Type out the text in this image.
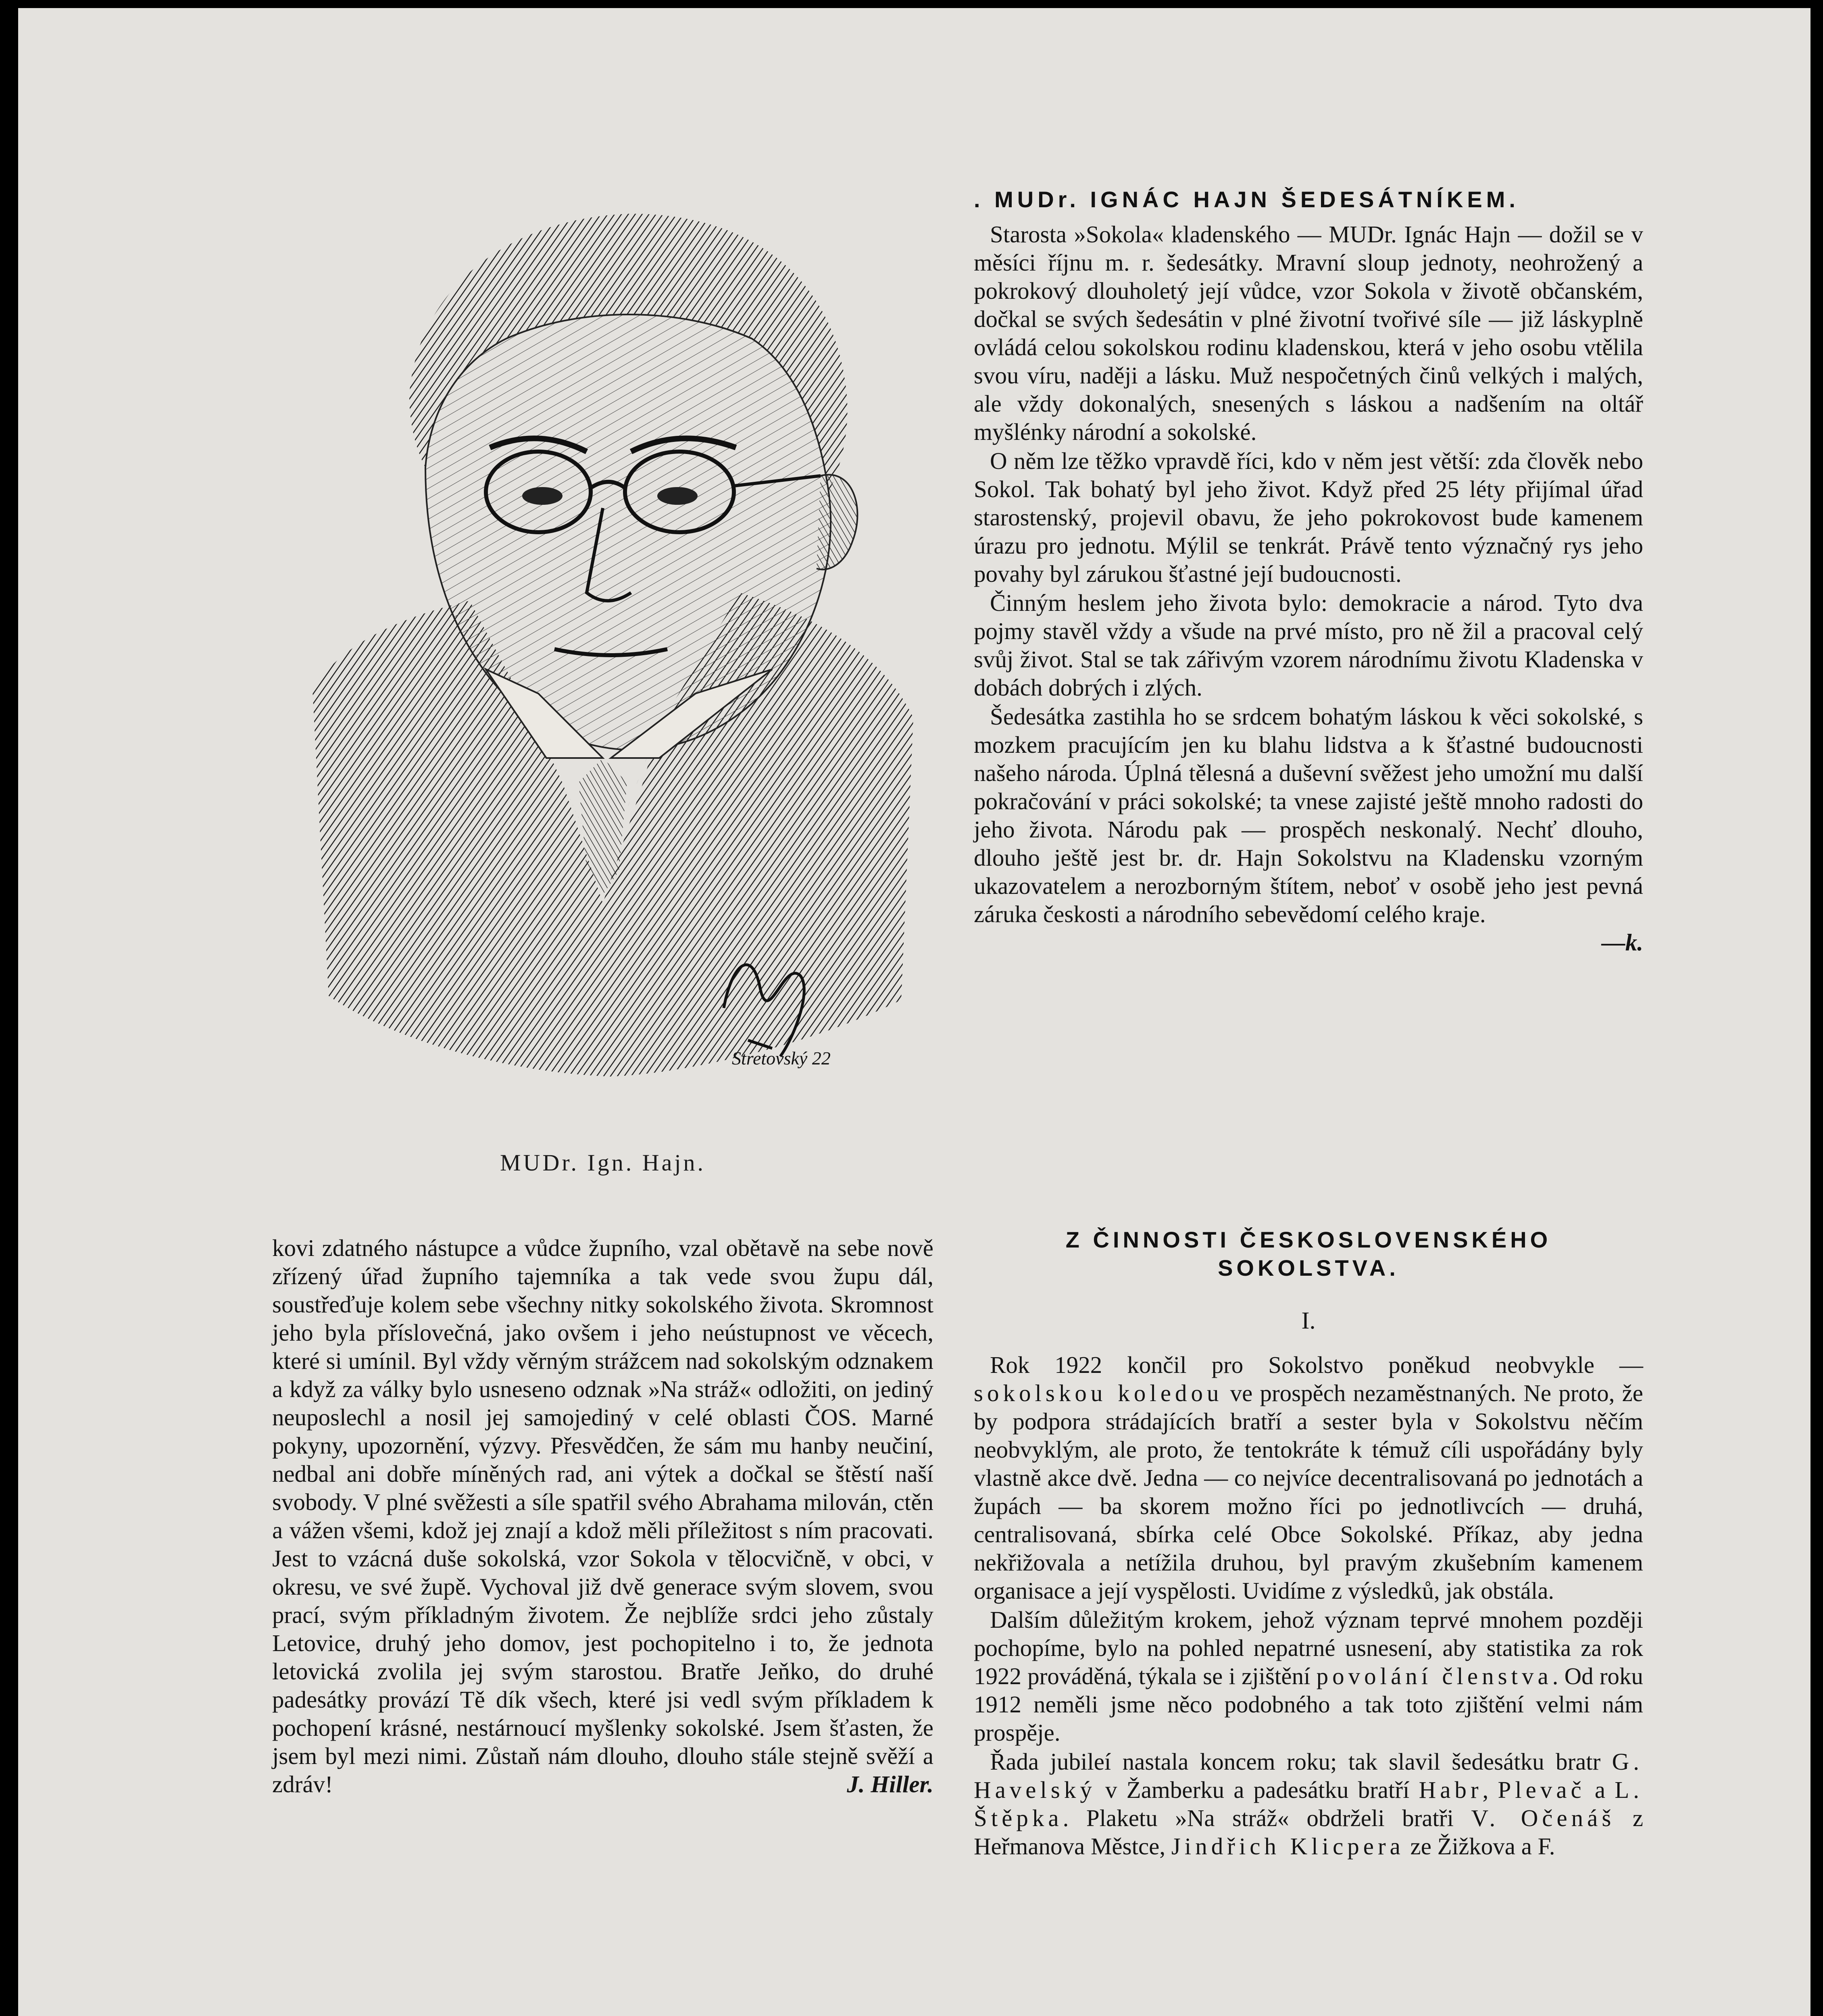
Stretovský 22
MUDr. Ign. Hajn.
. MUDr. IGNÁC HAJN ŠEDESÁTNÍKEM.

Starosta »Sokola« kladenského — MUDr. Ignác Hajn — dožil se v měsíci říjnu m. r. šedesátky. Mravní sloup jednoty, neohrožený a pokrokový dlouholetý její vůdce, vzor Sokola v životě občanském, dočkal se svých šedesátin v plné životní tvořivé síle — již láskyplně ovládá celou sokolskou rodinu kladenskou, která v jeho osobu vtělila svou víru, naději a lásku. Muž nespočetných činů velkých i malých, ale vždy dokonalých, snesených s láskou a nadšením na oltář myšlénky národní a sokolské.

O něm lze těžko vpravdě říci, kdo v něm jest větší: zda člověk nebo Sokol. Tak bohatý byl jeho život. Když před 25 léty přijímal úřad starostenský, projevil obavu, že jeho pokrokovost bude kamenem úrazu pro jednotu. Mýlil se tenkrát. Právě tento význačný rys jeho povahy byl zárukou šťastné její budoucnosti.

Činným heslem jeho života bylo: demokracie a národ. Tyto dva pojmy stavěl vždy a všude na prvé místo, pro ně žil a pracoval celý svůj život. Stal se tak zářivým vzorem národnímu životu Kladenska v dobách dobrých i zlých.

Šedesátka zastihla ho se srdcem bohatým láskou k věci sokolské, s mozkem pracujícím jen ku blahu lidstva a k šťastné budoucnosti našeho národa. Úplná tělesná a duševní svěžest jeho umožní mu další pokračování v práci sokolské; ta vnese zajisté ještě mnoho radosti do jeho života. Národu pak — prospěch neskonalý. Nechť dlouho, dlouho ještě jest br. dr. Hajn Sokolstvu na Kladensku vzorným ukazovatelem a nerozborným štítem, neboť v osobě jeho jest pevná záruka českosti a národního sebevědomí celého kraje.

—k.

kovi zdatného nástupce a vůdce župního, vzal obětavě na sebe nově zřízený úřad župního tajemníka a tak vede svou župu dál, soustřeďuje kolem sebe všechny nitky sokolského života. Skromnost jeho byla příslovečná, jako ovšem i jeho neústupnost ve věcech, které si umínil. Byl vždy věrným strážcem nad sokolským odznakem a když za války bylo usneseno odznak »Na stráž« odložiti, on jediný neuposlechl a nosil jej samojediný v celé oblasti ČOS. Marné pokyny, upozornění, výzvy. Přesvědčen, že sám mu hanby neučiní, nedbal ani dobře míněných rad, ani výtek a dočkal se štěstí naší svobody. V plné svěžesti a síle spatřil svého Abrahama milován, ctěn a vážen všemi, kdož jej znají a kdož měli příležitost s ním pracovati. Jest to vzácná duše sokolská, vzor Sokola v tělocvičně, v obci, v okresu, ve své župě. Vychoval již dvě generace svým slovem, svou prací, svým příkladným životem. Že nejblíže srdci jeho zůstaly Letovice, druhý jeho domov, jest pochopitelno i to, že jednota letovická zvolila jej svým starostou. Bratře Jeňko, do druhé padesátky provází Tě dík všech, které jsi vedl svým příkladem k pochopení krásné, nestárnoucí myšlenky sokolské. Jsem šťasten, že jsem byl mezi nimi. Zůstaň nám dlouho, dlouho stále stejně svěží a zdráv!	J. Hiller.
Z ČINNOSTI ČESKOSLOVENSKÉHO
SOKOLSTVA.
I.

Rok 1922 končil pro Sokolstvo poněkud neobvykle — sokolskou koledou ve prospěch nezaměstnaných. Ne proto, že by podpora strádajících bratří a sester byla v Sokolstvu něčím neobvyklým, ale proto, že tentokráte k témuž cíli uspořádány byly vlastně akce dvě. Jedna — co nejvíce decentralisovaná po jednotách a župách — ba skorem možno říci po jednotlivcích — druhá, centralisovaná, sbírka celé Obce Sokolské. Příkaz, aby jedna nekřižovala a netížila druhou, byl pravým zkušebním kamenem organisace a její vyspělosti. Uvidíme z výsledků, jak obstála.

Dalším důležitým krokem, jehož význam teprvé mnohem později pochopíme, bylo na pohled nepatrné usnesení, aby statistika za rok 1922 prováděná, týkala se i zjištění povolání členstva. Od roku 1912 neměli jsme něco podobného a tak toto zjištění velmi nám prospěje.

Řada jubileí nastala koncem roku; tak slavil šedesátku bratr G. Havelský v Žamberku a padesátku bratří Habr, Plevač a L. Štěpka. Plaketu »Na stráž« obdrželi bratři V. Očenáš z Heřmanova Městce, Jindřich Klicpera ze Žižkova a F.
